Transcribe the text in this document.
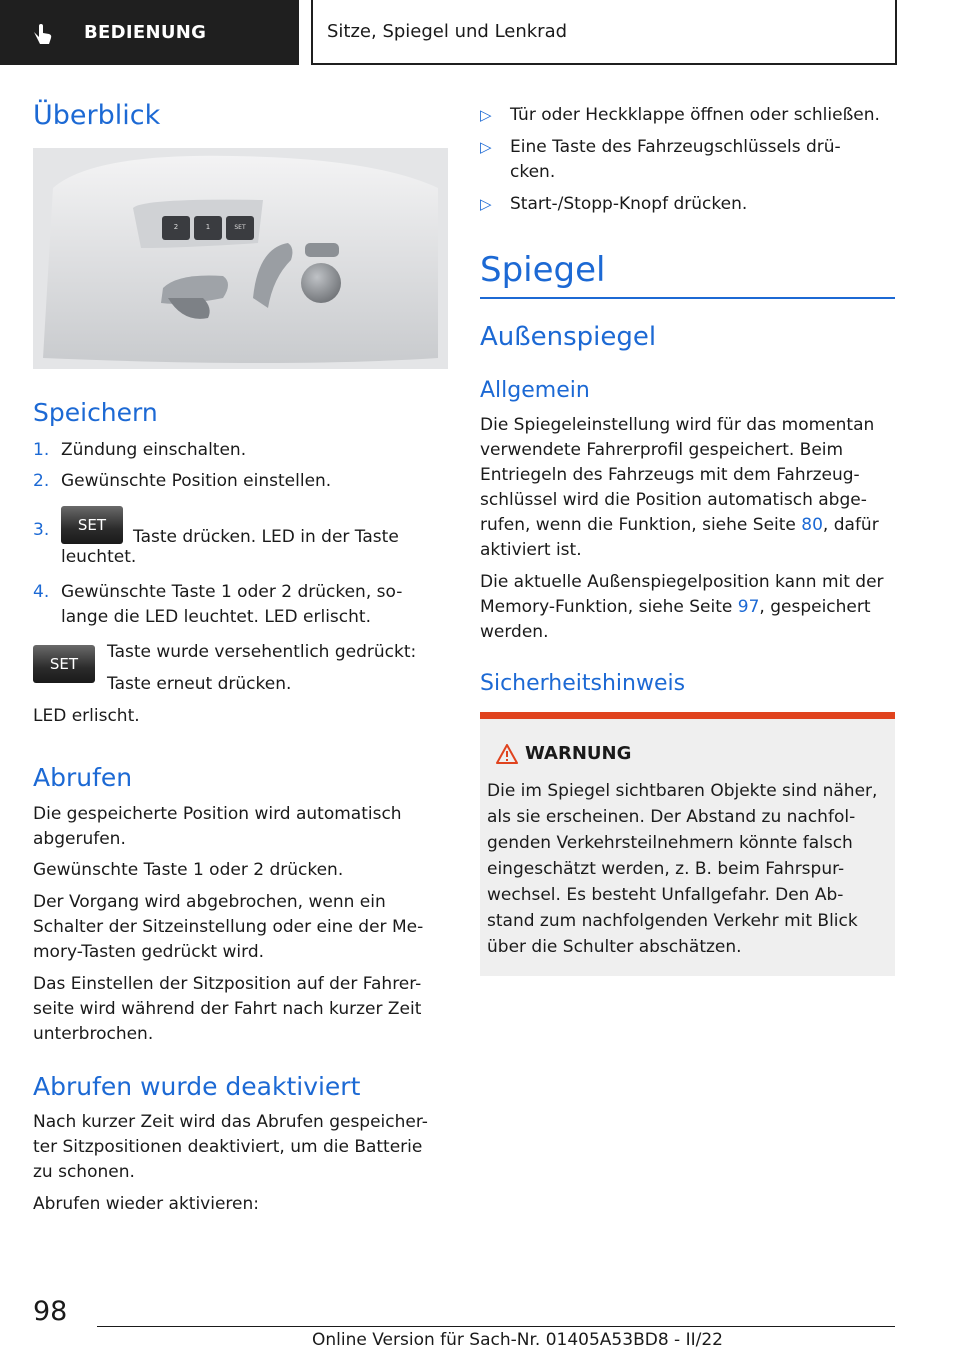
BEDIENUNG	Sitze, Spiegel und Lenkrad
Überblick
2	1	SET
Speichern
1. Zündung einschalten.
2. Gewünschte Position einstellen.
3. SETTaste drücken. LED in der Taste
leuchtet.
4. Gewünschte Taste 1 oder 2 drücken, so-
lange die LED leuchtet. LED erlischt.
SET
Taste wurde versehentlich gedrückt:
Taste erneut drücken.
LED erlischt.
Abrufen
Die gespeicherte Position wird automatisch
abgerufen.
Gewünschte Taste 1 oder 2 drücken.
Der Vorgang wird abgebrochen, wenn ein
Schalter der Sitzeinstellung oder eine der Me-
mory-Tasten gedrückt wird.
Das Einstellen der Sitzposition auf der Fahrer-
seite wird während der Fahrt nach kurzer Zeit
unterbrochen.
Abrufen wurde deaktiviert
Nach kurzer Zeit wird das Abrufen gespeicher-
ter Sitzpositionen deaktiviert, um die Batterie
zu schonen.
Abrufen wieder aktivieren:
▷ Tür oder Heckklappe öffnen oder schließen.
▷ Eine Taste des Fahrzeugschlüssels drü-
cken.
▷ Start-/Stopp-Knopf drücken.
Spiegel
Außenspiegel
Allgemein
Die Spiegeleinstellung wird für das momentan
verwendete Fahrerprofil gespeichert. Beim
Entriegeln des Fahrzeugs mit dem Fahrzeug-
schlüssel wird die Position automatisch abge-
rufen, wenn die Funktion, siehe Seite 80, dafür
aktiviert ist.
Die aktuelle Außenspiegelposition kann mit der
Memory-Funktion, siehe Seite 97, gespeichert
werden.
Sicherheitshinweis
WARNUNG
Die im Spiegel sichtbaren Objekte sind näher,
als sie erscheinen. Der Abstand zu nachfol-
genden Verkehrsteilnehmern könnte falsch
eingeschätzt werden, z. B. beim Fahrspur-
wechsel. Es besteht Unfallgefahr. Den Ab-
stand zum nachfolgenden Verkehr mit Blick
über die Schulter abschätzen.
98
Online Version für Sach-Nr. 01405A53BD8 - II/22
